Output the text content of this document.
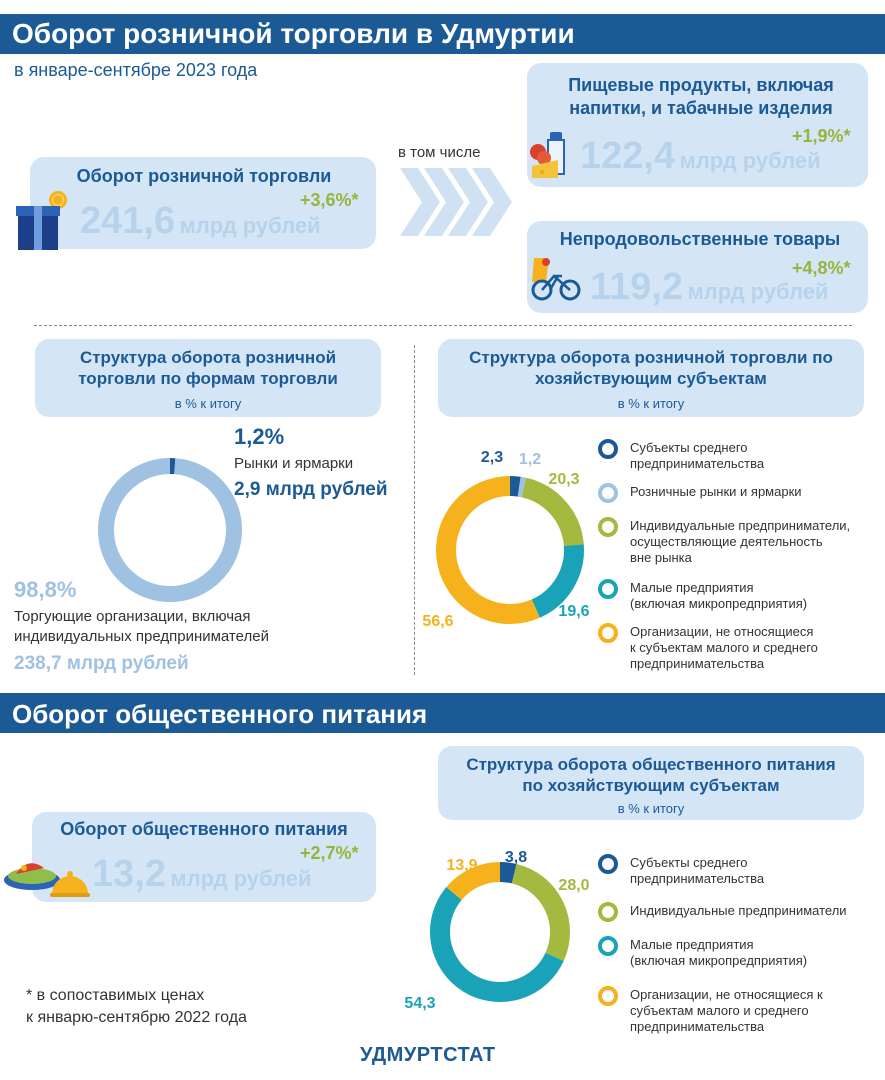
Оборот розничной торговли в Удмуртии
в январе-сентябре 2023 года
Оборот розничной торговли
+3,6%*
241,6 млрд рублей
в том числе
Пищевые продукты, включая напитки, и табачные изделия
+1,9%*
122,4 млрд рублей
Непродовольственные товары
+4,8%*
119,2 млрд рублей
Структура оборота розничной торговли по формам торговли
в % к итогу
1,2%
Рынки и ярмарки
2,9 млрд рублей
98,8%
Торгующие организации, включая индивидуальных предпринимателей
238,7 млрд рублей
Структура оборота розничной торговли по хозяйствующим субъектам
в % к итогу
2,3 1,2
20,3
19,6
56,6
Субъекты среднего
предпринимательства
Розничные рынки и ярмарки
Индивидуальные предприниматели,
осуществляющие деятельность
вне рынка
Малые предприятия
(включая микропредприятия)
Организации, не относящиеся
к субъектам малого и среднего
предпринимательства
Оборот общественного питания
Структура оборота общественного питания по хозяйствующим субъектам
в % к итогу
Оборот общественного питания
+2,7%*
13,2 млрд рублей
3,8
28,0
54,3
13,9	Субъекты среднего
предпринимательства
Индивидуальные предприниматели
Малые предприятия
(включая микропредприятия)
Организации, не относящиеся к
субъектам малого и среднего
предпринимательства
* в сопоставимых ценах
к январю-сентябрю 2022 года
УДМУРТСТАТ
